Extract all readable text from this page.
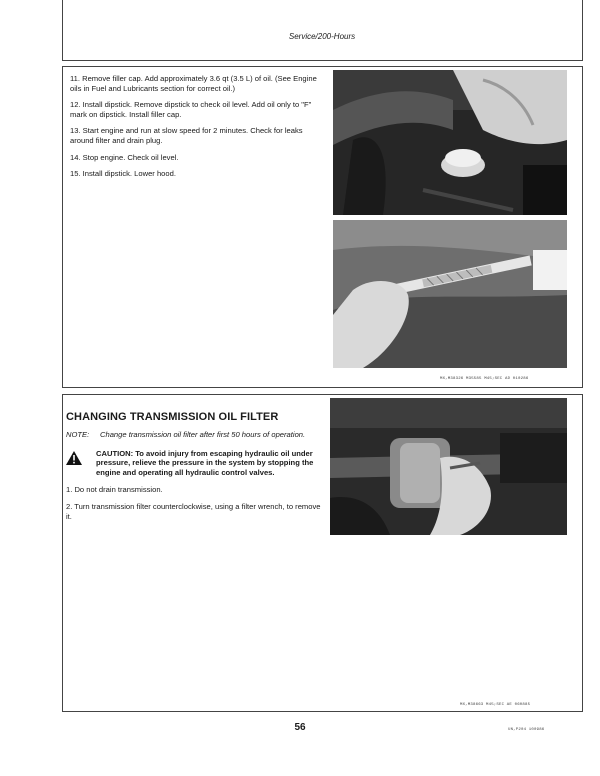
Service/200-Hours

11. Remove filler cap. Add approximately 3.6 qt (3.5 L) of oil. (See Engine oils in Fuel and Lubricants section for correct oil.)

12. Install dipstick. Remove dipstick to check oil level. Add oil only to "F" mark on dipstick. Install filler cap.

13. Start engine and run at slow speed for 2 minutes. Check for leaks around filter and drain plug.

14. Stop engine. Check oil level.

15. Install dipstick. Lower hood.

MX,M38326 M35585 M45;SEC AD 010286
CHANGING TRANSMISSION OIL FILTER
NOTE:	Change transmission oil filter after first 50 hours of operation.
CAUTION: To avoid injury from escaping hydraulic oil under pressure, relieve the pressure in the system by stopping the engine and operating all hydraulic control valves.

1. Do not drain transmission.

2. Turn transmission filter counterclockwise, using a filter wrench, to remove it.

MX,M38663 M45;SEC AE 060885
56	UN,P204 100986
